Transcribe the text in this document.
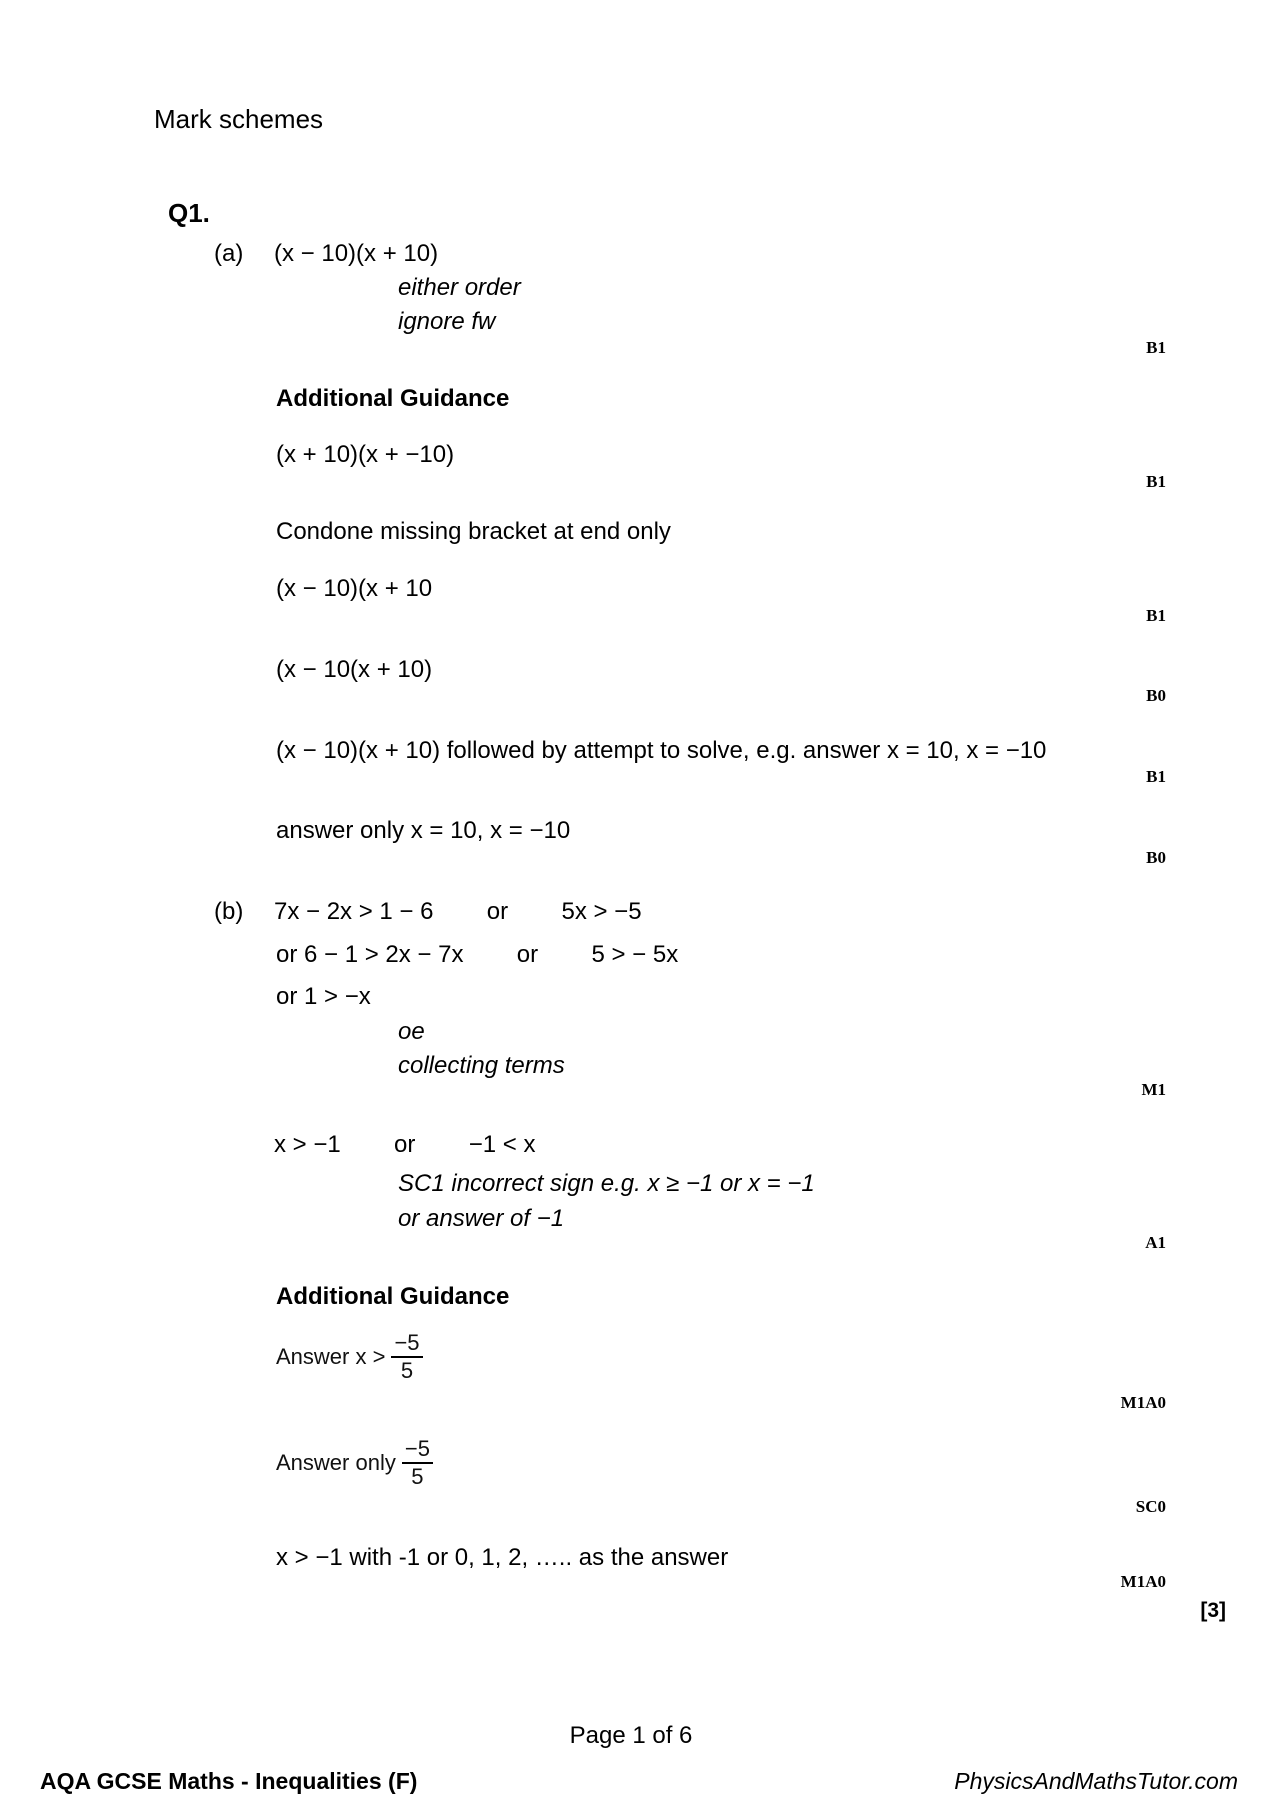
Mark schemes
Q1.
(a) (x − 10)(x + 10)
either order
ignore fw
B1
Additional Guidance
(x + 10)(x + −10)
B1
Condone missing bracket at end only
(x − 10)(x + 10
B1
(x − 10(x + 10)
B0
(x − 10)(x + 10) followed by attempt to solve, e.g. answer x = 10, x = −10
B1
answer only x = 10, x = −10
B0
(b) 7x − 2x > 1 − 6        or        5x > −5
or 6 − 1 > 2x − 7x        or        5 > − 5x
or 1 > −x
oe
collecting terms
M1
x > −1        or        −1 < x
SC1 incorrect sign e.g. x ≥ −1 or x = −1
or answer of −1
A1
Additional Guidance
Answer $x > \frac{-5}{5}$
M1A0
Answer only $\frac{-5}{5}$
SC0
x > −1 with -1 or 0, 1, 2, ….. as the answer
M1A0
[3]
Page 1 of 6
AQA GCSE Maths - Inequalities (F)	PhysicsAndMathsTutor.com
